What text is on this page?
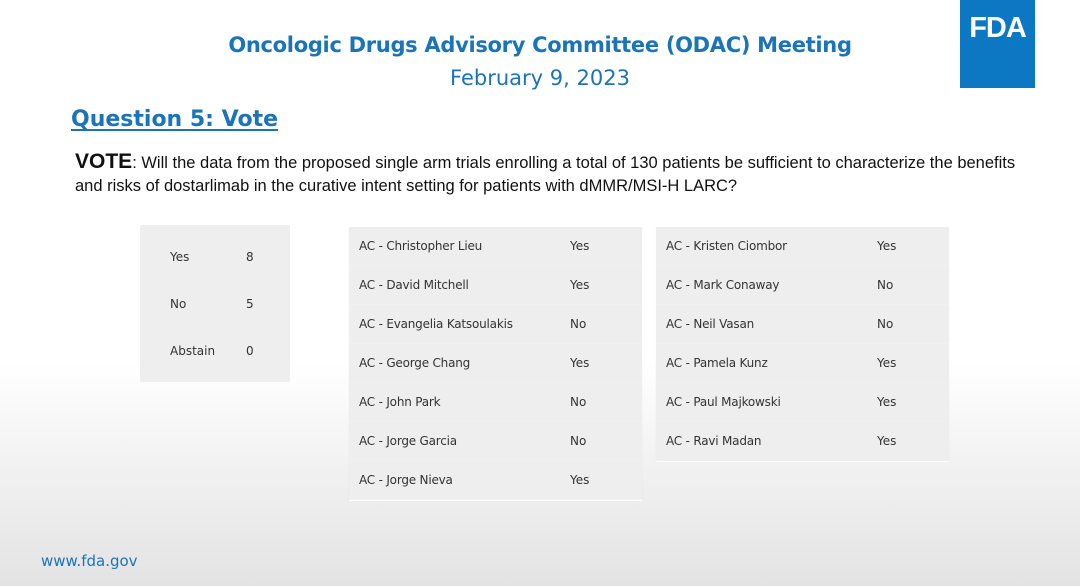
Oncologic Drugs Advisory Committee (ODAC) Meeting
February 9, 2023
FDA
Question 5: Vote
VOTE: Will the data from the proposed single arm trials enrolling a total of 130 patients be sufficient to characterize the benefits and risks of dostarlimab in the curative intent setting for patients with dMMR/MSI-H LARC?
Yes	8
No	5
Abstain	0
AC - Christopher Lieu	Yes
AC - David Mitchell	Yes
AC - Evangelia Katsoulakis	No
AC - George Chang	Yes
AC - John Park	No
AC - Jorge Garcia	No
AC - Jorge Nieva	Yes
AC - Kristen Ciombor	Yes
AC - Mark Conaway	No
AC - Neil Vasan	No
AC - Pamela Kunz	Yes
AC - Paul Majkowski	Yes
AC - Ravi Madan	Yes
www.fda.gov
